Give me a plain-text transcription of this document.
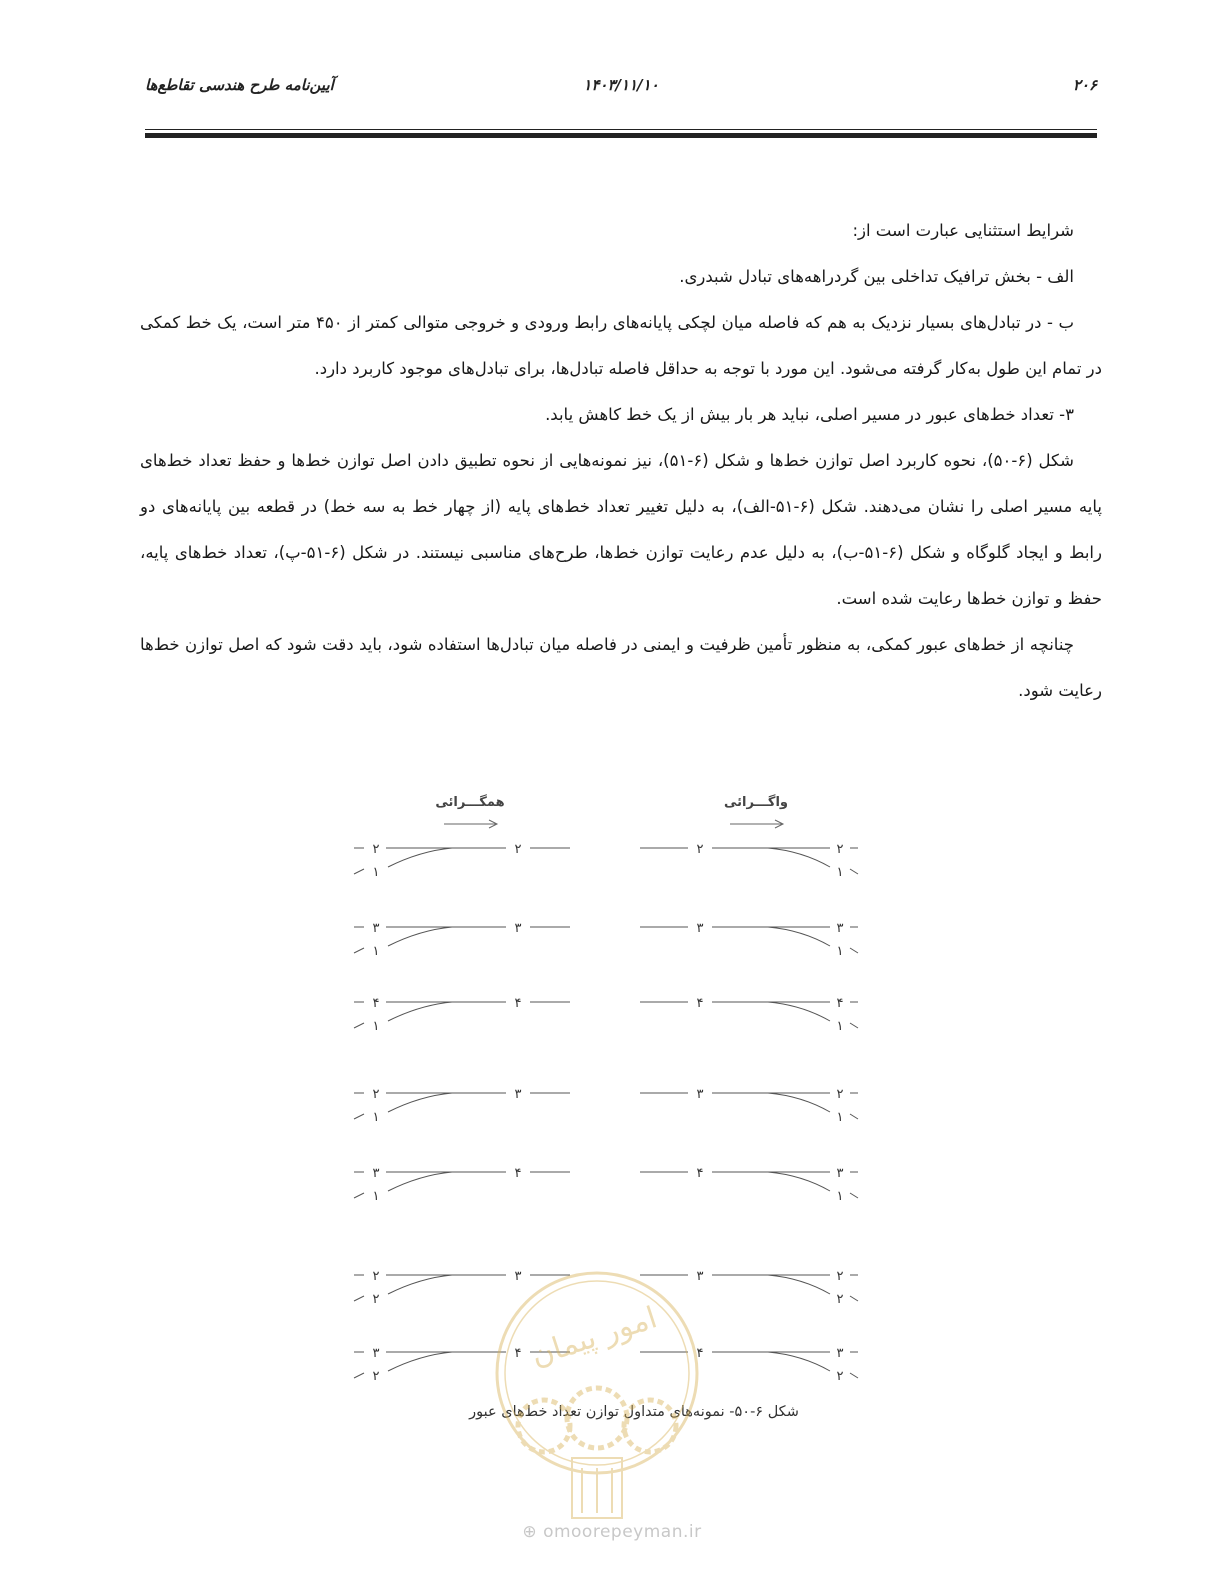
۲۰۶
۱۴۰۳/۱۱/۱۰
آیین‌نامه طرح هندسی تقاطع‌ها

شرایط استثنایی عبارت است از:

الف - بخش ترافیک تداخلی بین گردراهه‌های تبادل شبدری.

ب - در تبادل‌های بسیار نزدیک به هم که فاصله میان لچکی پایانه‌های رابط ورودی و خروجی متوالی کمتر از ۴۵۰ متر است، یک خط کمکی در تمام این طول به‌کار گرفته می‌شود. این مورد با توجه به حداقل فاصله تبادل‌ها، برای تبادل‌های موجود کاربرد دارد.

۳- تعداد خط‌های عبور در مسیر اصلی، نباید هر بار بیش از یک خط کاهش یابد.

شکل (۶-۵۰)، نحوه کاربرد اصل توازن خط‌ها و شکل (۶-۵۱)، نیز نمونه‌هایی از نحوه تطبیق دادن اصل توازن خط‌ها و حفظ تعداد خط‌های پایه مسیر اصلی را نشان می‌دهند. شکل (۶-۵۱-الف)، به دلیل تغییر تعداد خط‌های پایه (از چهار خط به سه خط) در قطعه بین پایانه‌های دو رابط و ایجاد گلوگاه و شکل (۶-۵۱-ب)، به دلیل عدم رعایت توازن خط‌ها، طرح‌های مناسبی نیستند. در شکل (۶-۵۱-پ)، تعداد خط‌های پایه، حفظ و توازن خط‌ها رعایت شده است.

چنانچه از خط‌های عبور کمکی، به منظور تأمین ظرفیت و ایمنی در فاصله میان تبادل‌ها استفاده شود، باید دقت شود که اصل توازن خط‌ها رعایت شود.

همگـــرائی	واگـــرائی
۲
۱
۲
۳
۱
۳
۴
۱
۴
۲
۱
۳
۳
۱
۴
۲
۲
۳
۳
۲
۴
۲	۲
۱
۳	۳
۱
۴	۴
۱
۳	۲
۱
۴	۳
۱
۳	۲
۲
۴	۳
۲
شکل ۶-۵۰- نمونه‌های متداول توازن تعداد خط‌های عبور
امور پیمان
⊕ omoorepeyman.ir
